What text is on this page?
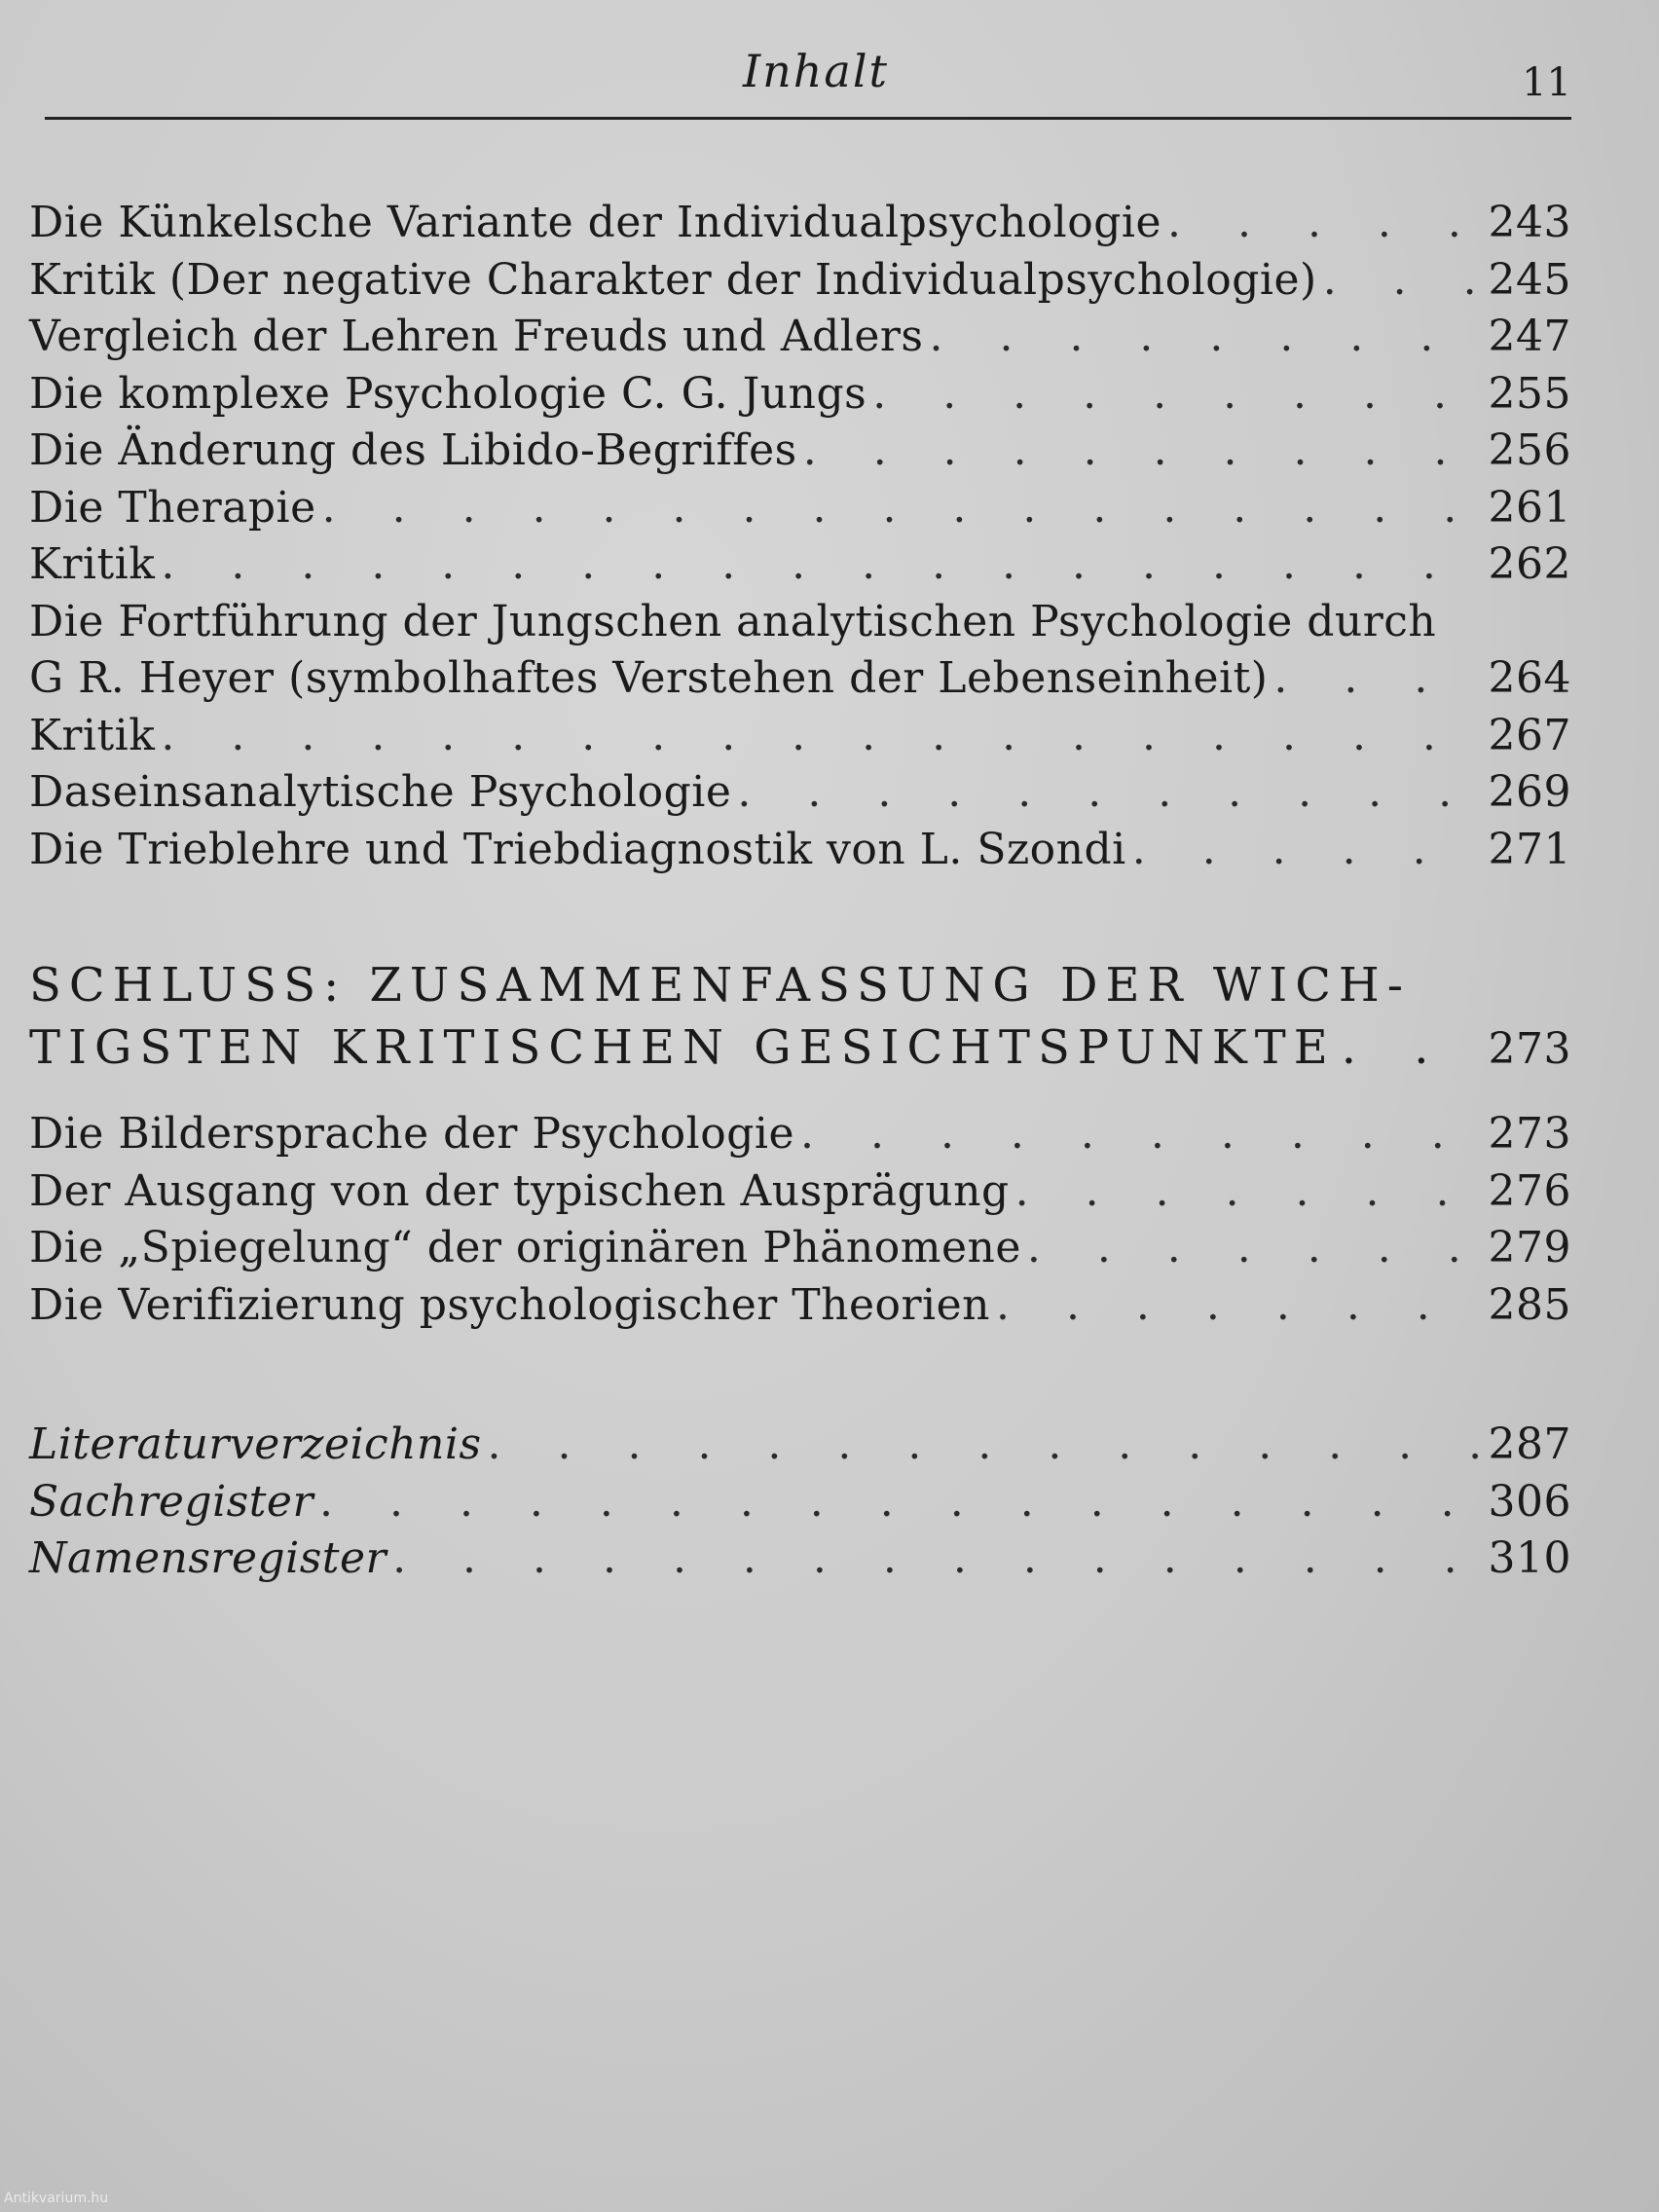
Inhalt	11
Die Künkelsche Variante der Individualpsychologie . . .	243
Kritik (Der negative Charakter der Individualpsychologie) . . .	245
Vergleich der Lehren Freuds und Adlers . . .	247
Die komplexe Psychologie C. G. Jungs . . .	255
Die Änderung des Libido-Begriffes . . .	256
Die Therapie . . .	261
Kritik . . .	262
Die Fortführung der Jungschen analytischen Psychologie durch
G R. Heyer (symbolhaftes Verstehen der Lebenseinheit) . . .	264
Kritik . . .	267
Daseinsanalytische Psychologie . . .	269
Die Trieblehre und Triebdiagnostik von L. Szondi . . .	271
SCHLUSS: ZUSAMMENFASSUNG DER WICH-
TIGSTEN KRITISCHEN GESICHTSPUNKTE . . .	273
Die Bildersprache der Psychologie . . .	273
Der Ausgang von der typischen Ausprägung . . .	276
Die „Spiegelung“ der originären Phänomene . . .	279
Die Verifizierung psychologischer Theorien . . .	285
Literaturverzeichnis . . .	287
Sachregister . . .	306
Namensregister . . .	310
Antikvarium.hu
